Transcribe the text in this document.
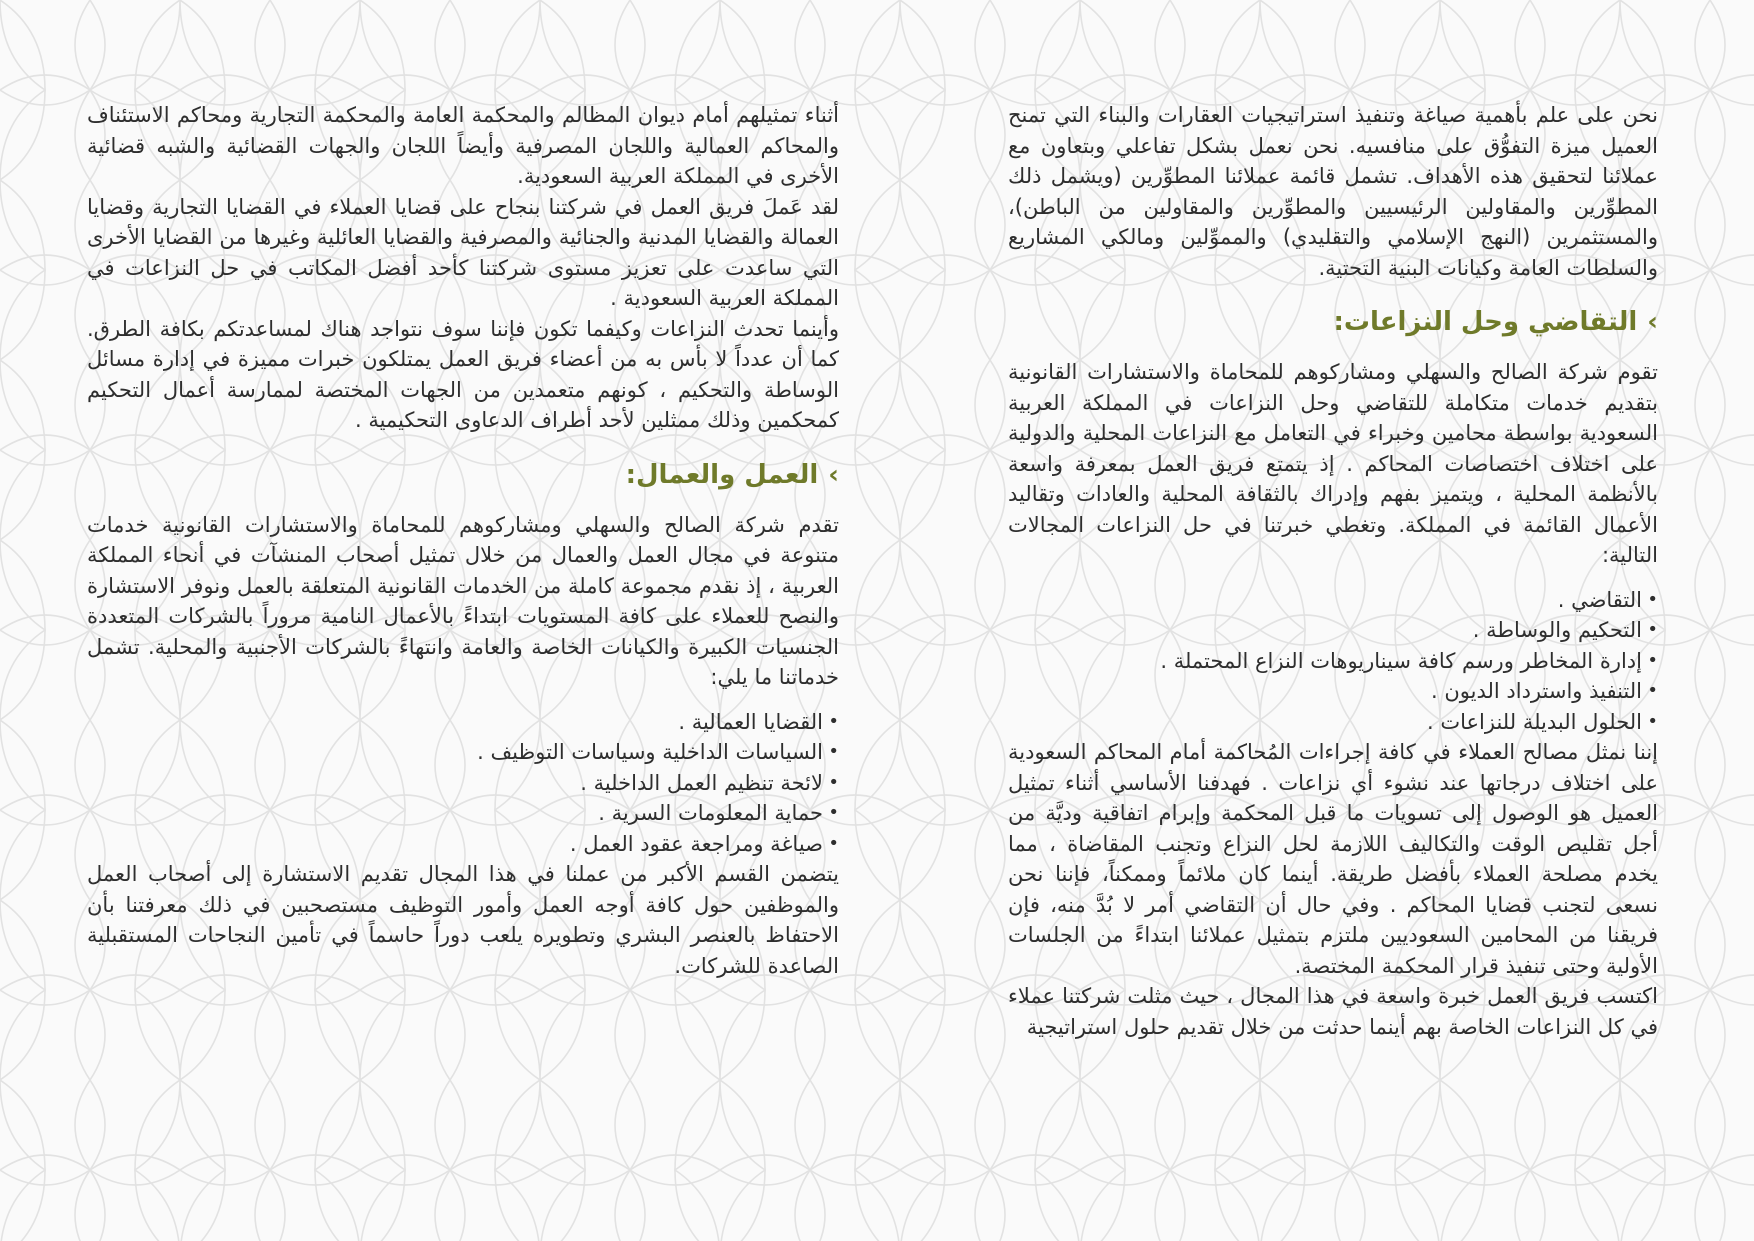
نحن على علم بأهمية صياغة وتنفيذ استراتيجيات العقارات والبناء التي تمنح العميل ميزة التفوُّق على منافسيه. نحن نعمل بشكل تفاعلي وبتعاون مع عملائنا لتحقيق هذه الأهداف. تشمل قائمة عملائنا المطوِّرين (ويشمل ذلك المطوِّرين والمقاولين الرئيسيين والمطوِّرين والمقاولين من الباطن)، والمستثمرين (النهج الإسلامي والتقليدي) والمموِّلين ومالكي المشاريع والسلطات العامة وكيانات البنية التحتية.

›التقاضي وحل النزاعات:

تقوم شركة الصالح والسهلي ومشاركوهم للمحاماة والاستشارات القانونية بتقديم خدمات متكاملة للتقاضي وحل النزاعات في المملكة العربية السعودية بواسطة محامين وخبراء في التعامل مع النزاعات المحلية والدولية على اختلاف اختصاصات المحاكم . إذ يتمتع فريق العمل بمعرفة واسعة بالأنظمة المحلية ، ويتميز بفهم وإدراك بالثقافة المحلية والعادات وتقاليد الأعمال القائمة في المملكة. وتغطي خبرتنا في حل النزاعات المجالات التالية:

• التقاضي .
• التحكيم والوساطة .
• إدارة المخاطر ورسم كافة سيناريوهات النزاع المحتملة .
• التنفيذ واسترداد الديون .
• الحلول البديلة للنزاعات .

إننا نمثل مصالح العملاء في كافة إجراءات المُحاكمة أمام المحاكم السعودية على اختلاف درجاتها عند نشوء أي نزاعات . فهدفنا الأساسي أثناء تمثيل العميل هو الوصول إلى تسويات ما قبل المحكمة وإبرام اتفاقية وديَّة من أجل تقليص الوقت والتكاليف اللازمة لحل النزاع وتجنب المقاضاة ، مما يخدم مصلحة العملاء بأفضل طريقة. أينما كان ملائماً وممكناً، فإننا نحن نسعى لتجنب قضايا المحاكم . وفي حال أن التقاضي أمر لا بُدَّ منه، فإن فريقنا من المحامين السعوديين ملتزم بتمثيل عملائنا ابتداءً من الجلسات الأولية وحتى تنفيذ قرار المحكمة المختصة.

اكتسب فريق العمل خبرة واسعة في هذا المجال ، حيث مثلت شركتنا عملاء في كل النزاعات الخاصة بهم أينما حدثت من خلال تقديم حلول استراتيجية

أثناء تمثيلهم أمام ديوان المظالم والمحكمة العامة والمحكمة التجارية ومحاكم الاستئناف والمحاكم العمالية واللجان المصرفية وأيضاً اللجان والجهات القضائية والشبه قضائية الأخرى في المملكة العربية السعودية.

لقد عَملَ فريق العمل في شركتنا بنجاح على قضايا العملاء في القضايا التجارية وقضايا العمالة والقضايا المدنية والجنائية والمصرفية والقضايا العائلية وغيرها من القضايا الأخرى التي ساعدت على تعزيز مستوى شركتنا كأحد أفضل المكاتب في حل النزاعات في المملكة العربية السعودية .

وأينما تحدث النزاعات وكيفما تكون فإننا سوف نتواجد هناك لمساعدتكم بكافة الطرق. كما أن عدداً لا بأس به من أعضاء فريق العمل يمتلكون خبرات مميزة في إدارة مسائل الوساطة والتحكيم ، كونهم متعمدين من الجهات المختصة لممارسة أعمال التحكيم كمحكمين وذلك ممثلين لأحد أطراف الدعاوى التحكيمية .

›العمل والعمال:

تقدم شركة الصالح والسهلي ومشاركوهم للمحاماة والاستشارات القانونية خدمات متنوعة في مجال العمل والعمال من خلال تمثيل أصحاب المنشآت في أنحاء المملكة العربية ، إذ نقدم مجموعة كاملة من الخدمات القانونية المتعلقة بالعمل ونوفر الاستشارة والنصح للعملاء على كافة المستويات ابتداءً بالأعمال النامية مروراً بالشركات المتعددة الجنسيات الكبيرة والكيانات الخاصة والعامة وانتهاءً بالشركات الأجنبية والمحلية. تشمل خدماتنا ما يلي:

• القضايا العمالية .
• السياسات الداخلية وسياسات التوظيف .
• لائحة تنظيم العمل الداخلية .
• حماية المعلومات السرية .
• صياغة ومراجعة عقود العمل .

يتضمن القسم الأكبر من عملنا في هذا المجال تقديم الاستشارة إلى أصحاب العمل والموظفين حول كافة أوجه العمل وأمور التوظيف مستصحبين في ذلك معرفتنا بأن الاحتفاظ بالعنصر البشري وتطويره يلعب دوراً حاسماً في تأمين النجاحات المستقبلية الصاعدة للشركات.
